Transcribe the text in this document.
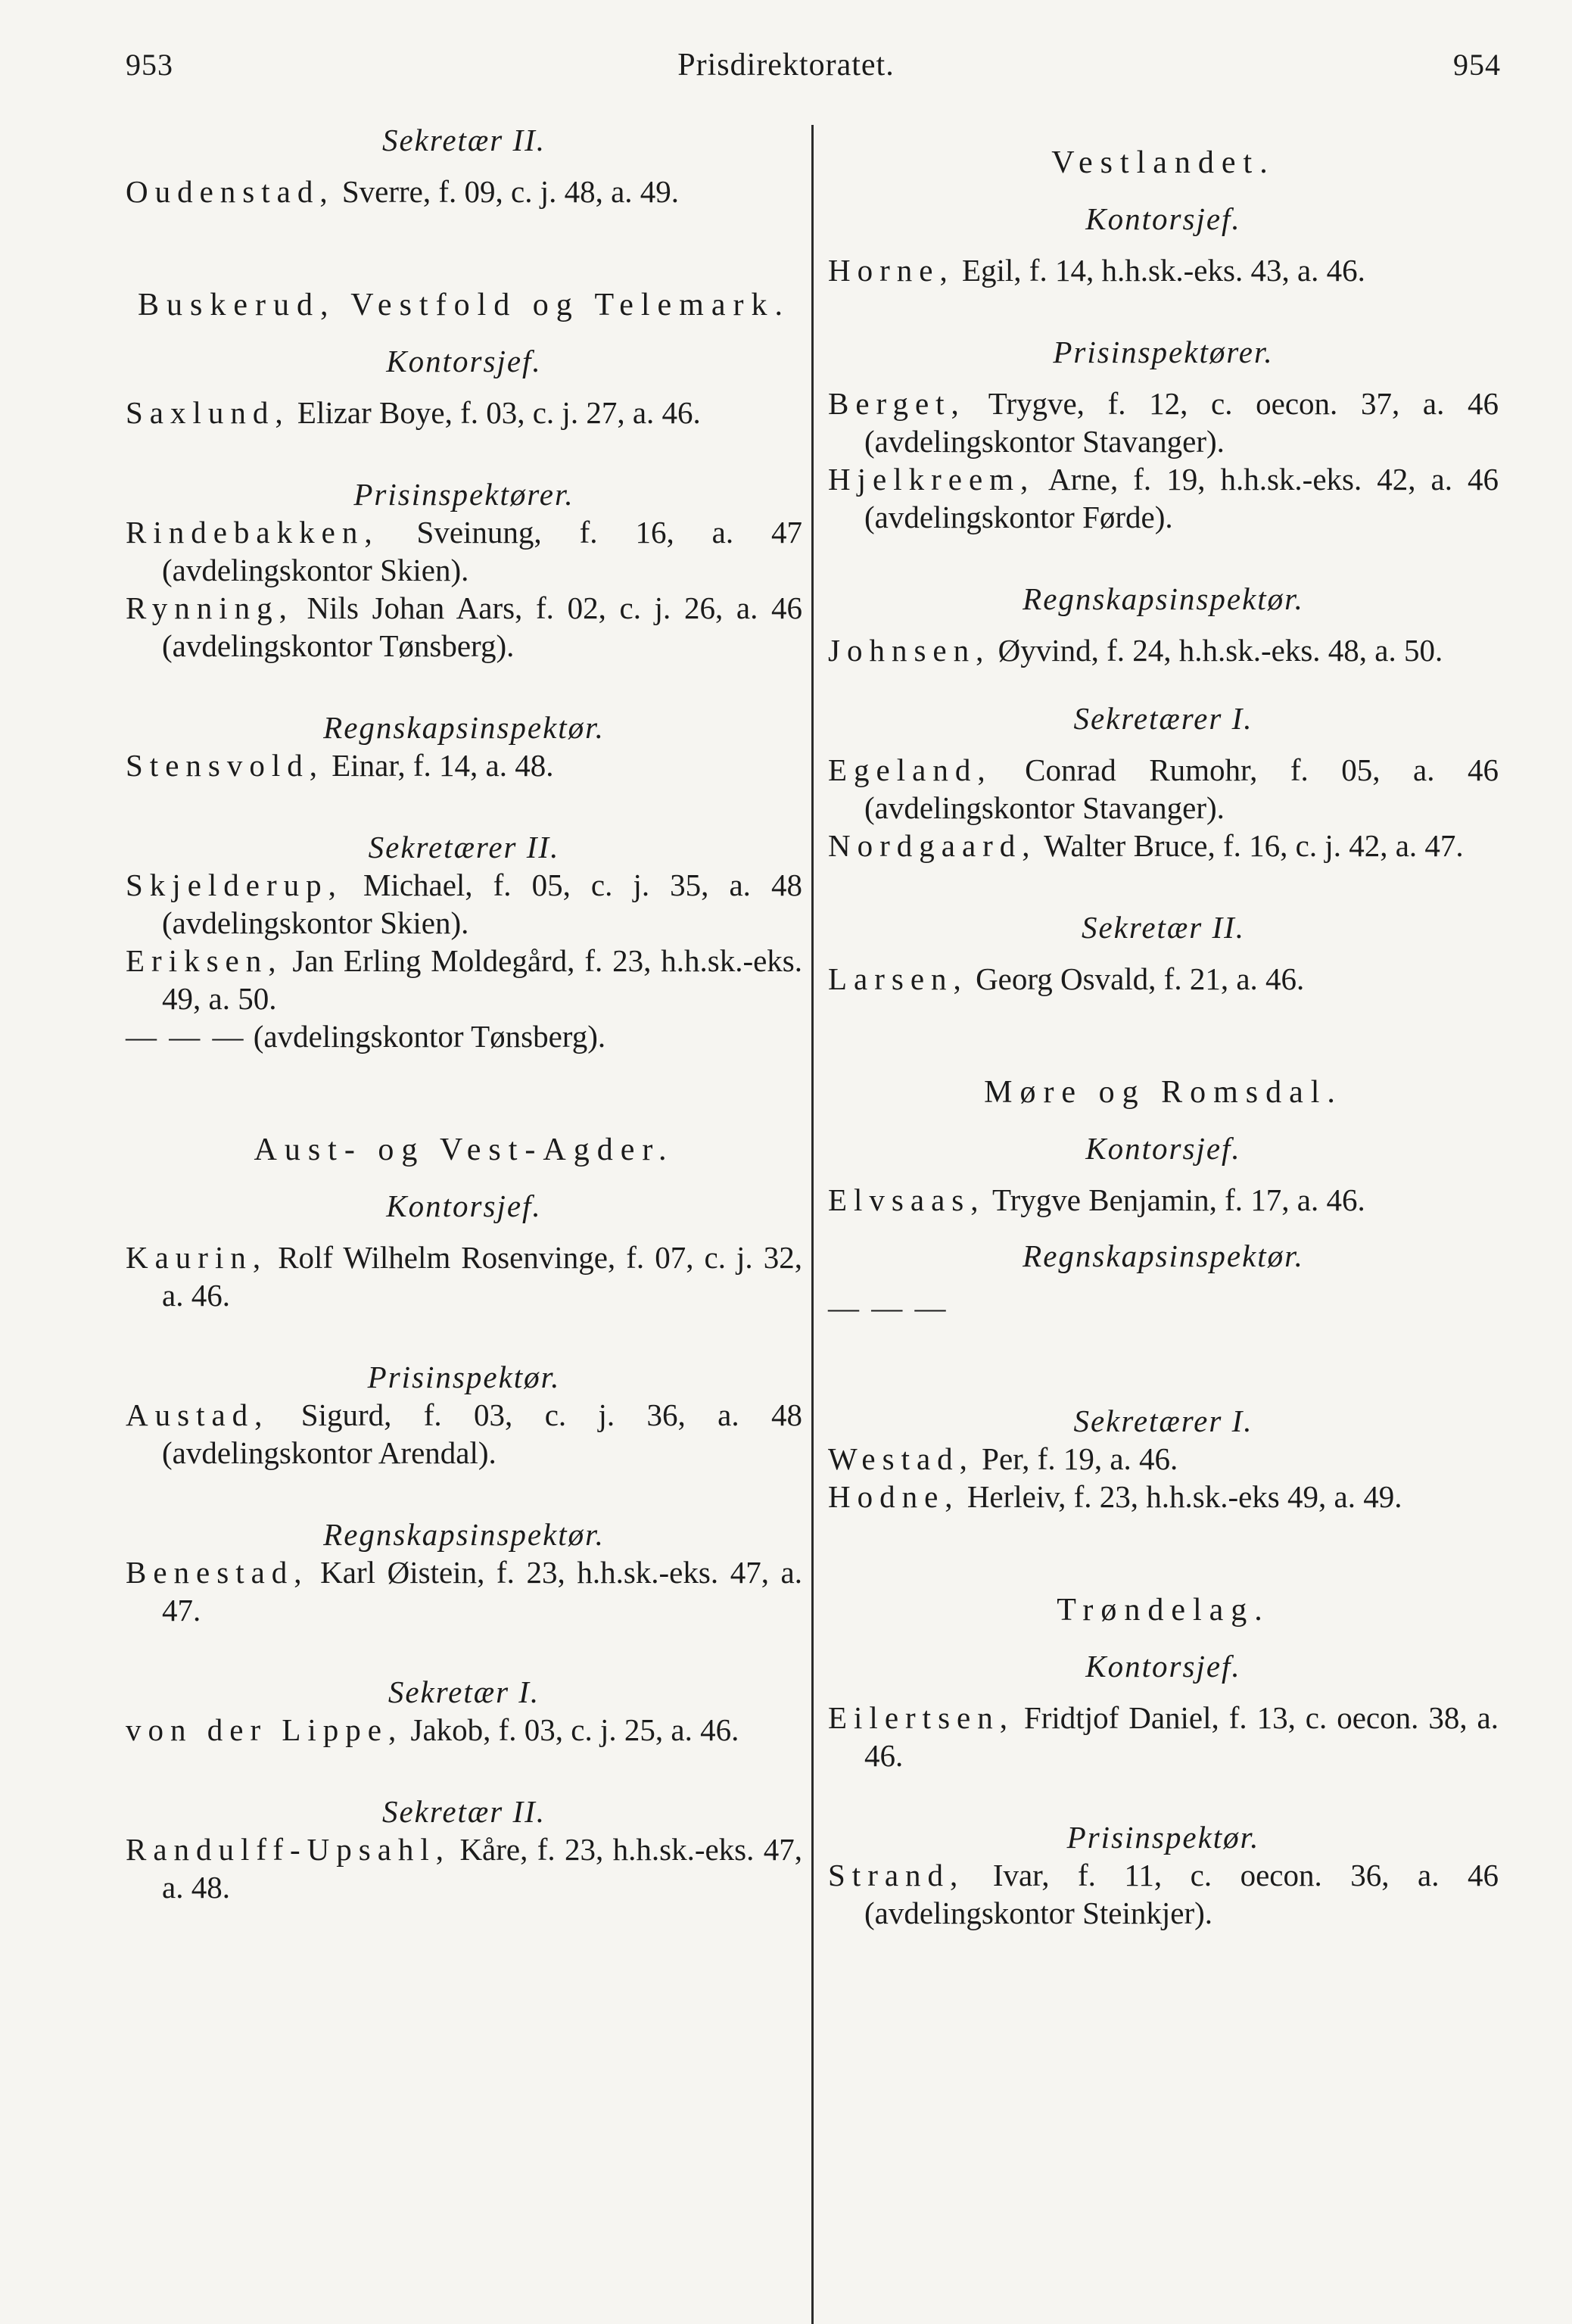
Prisdirektoratet.
953	954

Sekretær II.

Oudenstad, Sverre, f. 09, c. j. 48, a. 49.

Buskerud, Vestfold og Telemark.

Kontorsjef.

Saxlund, Elizar Boye, f. 03, c. j. 27, a. 46.

Prisinspektører.

Rindebakken, Sveinung, f. 16, a. 47 (avdelingskontor Skien).

Rynning, Nils Johan Aars, f. 02, c. j. 26, a. 46 (avdelingskontor Tønsberg).

Regnskapsinspektør.

Stensvold, Einar, f. 14, a. 48.

Sekretærer II.

Skjelderup, Michael, f. 05, c. j. 35, a. 48 (avdelingskontor Skien).

Eriksen, Jan Erling Moldegård, f. 23, h.h.sk.-eks. 49, a. 50.

— — — (avdelingskontor Tønsberg).

Aust- og Vest-Agder.

Kontorsjef.

Kaurin, Rolf Wilhelm Rosenvinge, f. 07, c. j. 32, a. 46.

Prisinspektør.

Austad, Sigurd, f. 03, c. j. 36, a. 48 (avdelingskontor Arendal).

Regnskapsinspektør.

Benestad, Karl Øistein, f. 23, h.h.sk.-eks. 47, a. 47.

Sekretær I.

von der Lippe, Jakob, f. 03, c. j. 25, a. 46.

Sekretær II.

Randulff-Upsahl, Kåre, f. 23, h.h.sk.-eks. 47, a. 48.

Vestlandet.

Kontorsjef.

Horne, Egil, f. 14, h.h.sk.-eks. 43, a. 46.

Prisinspektører.

Berget, Trygve, f. 12, c. oecon. 37, a. 46 (avdelingskontor Stavanger).

Hjelkreem, Arne, f. 19, h.h.sk.-eks. 42, a. 46 (avdelingskontor Førde).

Regnskapsinspektør.

Johnsen, Øyvind, f. 24, h.h.sk.-eks. 48, a. 50.

Sekretærer I.

Egeland, Conrad Rumohr, f. 05, a. 46 (avdelingskontor Stavanger).

Nordgaard, Walter Bruce, f. 16, c. j. 42, a. 47.

Sekretær II.

Larsen, Georg Osvald, f. 21, a. 46.

Møre og Romsdal.

Kontorsjef.

Elvsaas, Trygve Benjamin, f. 17, a. 46.

Regnskapsinspektør.

— — —

Sekretærer I.

Westad, Per, f. 19, a. 46.

Hodne, Herleiv, f. 23, h.h.sk.-eks 49, a. 49.

Trøndelag.

Kontorsjef.

Eilertsen, Fridtjof Daniel, f. 13, c. oecon. 38, a. 46.

Prisinspektør.

Strand, Ivar, f. 11, c. oecon. 36, a. 46 (avdelingskontor Steinkjer).
